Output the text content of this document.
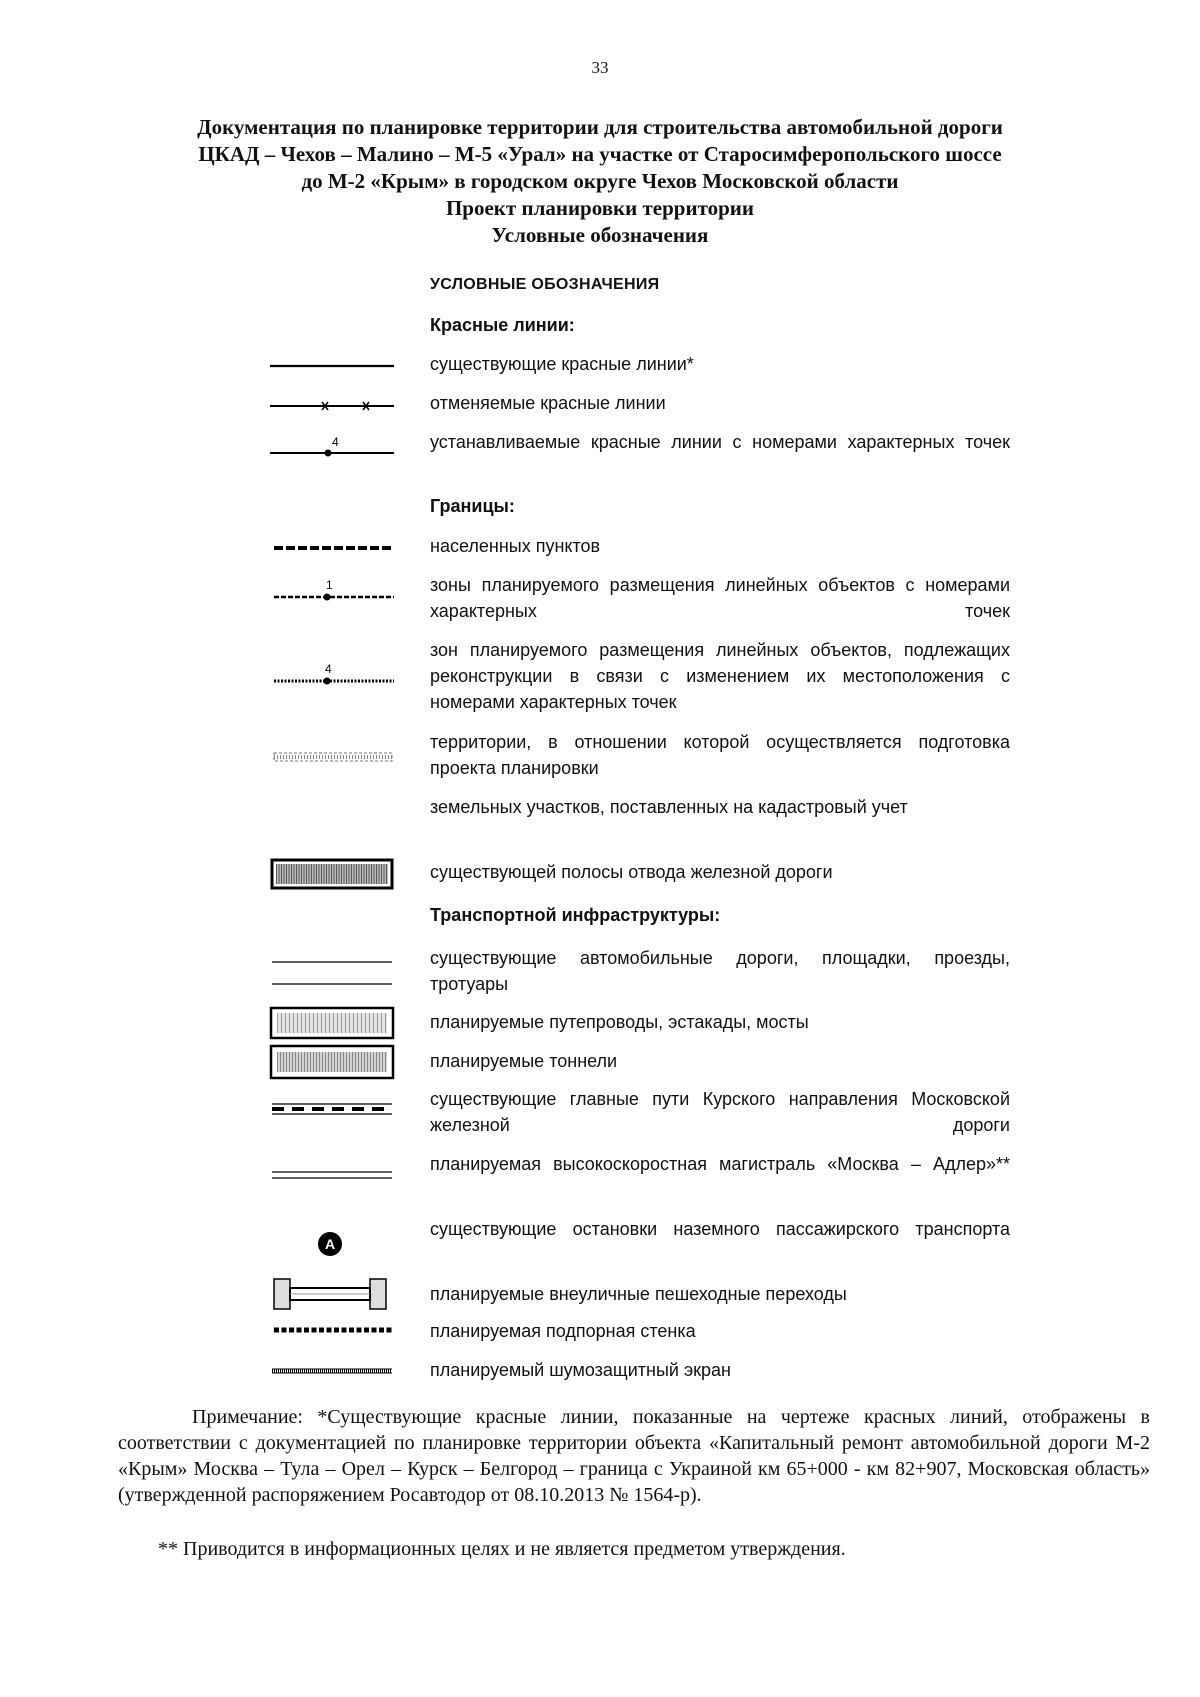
33
Документация по планировке территории для строительства автомобильной дороги
ЦКАД – Чехов – Малино – М-5 «Урал» на участке от Старосимферопольского шоссе
до М-2 «Крым» в городском округе Чехов Московской области
Проект планировки территории
Условные обозначения
УСЛОВНЫЕ ОБОЗНАЧЕНИЯ
Красные линии:
существующие красные линии*
отменяемые красные линии
4	устанавливаемые красные линии с номерами характерных точек
Границы:
населенных пунктов
1	зоны планируемого размещения линейных объектов с номерами характерных точек
4
зон планируемого размещения линейных объектов, подлежащих реконструкции в связи с изменением их местоположения с номерами характерных точек
территории, в отношении которой осуществляется подготовка проекта планировки
земельных участков, поставленных на кадастровый учет
существующей полосы отвода железной дороги
Транспортной инфраструктуры:
существующие автомобильные дороги, площадки, проезды, тротуары
планируемые путепроводы, эстакады, мосты
планируемые тоннели
существующие главные пути Курского направления Московской железной дороги
планируемая высокоскоростная магистраль «Москва – Адлер»**
A
существующие остановки наземного пассажирского транспорта
планируемые внеуличные пешеходные переходы
планируемая подпорная стенка
планируемый шумозащитный экран
Примечание: *Существующие красные линии, показанные на чертеже красных линий, отображены в соответствии с документацией по планировке территории объекта «Капитальный ремонт автомобильной дороги М-2 «Крым» Москва – Тула – Орел – Курск – Белгород – граница с Украиной км 65+000 - км 82+907, Московская область» (утвержденной распоряжением Росавтодор от 08.10.2013 № 1564-р).
** Приводится в информационных целях и не является предметом утверждения.
